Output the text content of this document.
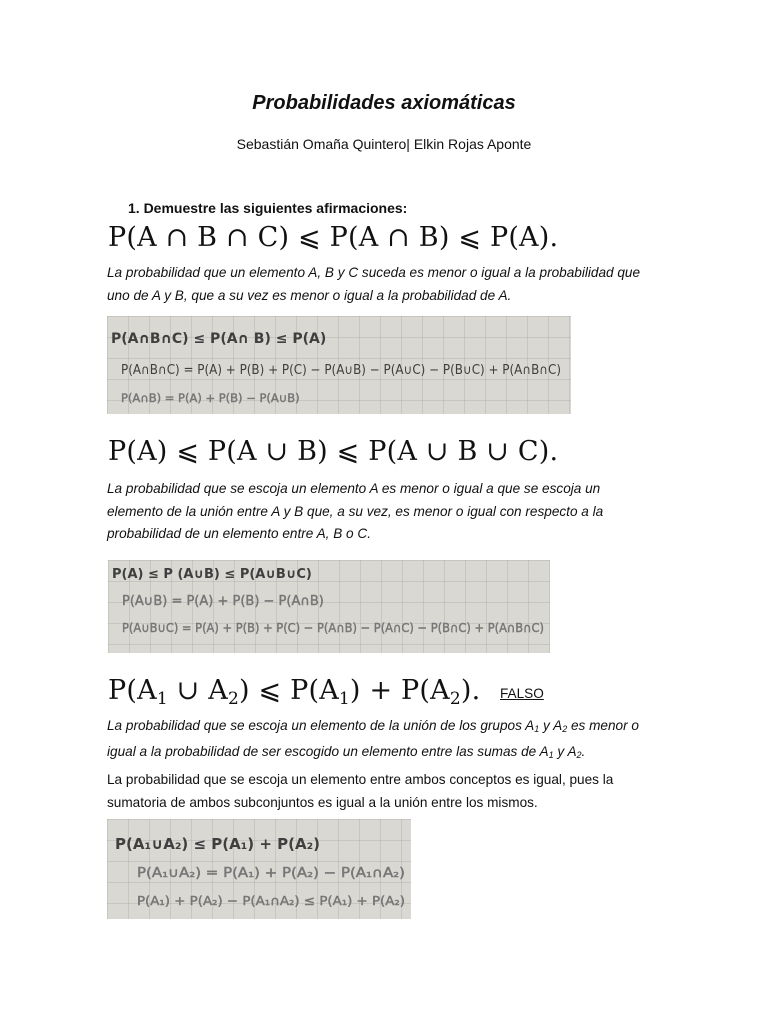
Probabilidades axiomáticas
Sebastián Omaña Quintero| Elkin Rojas Aponte
1. Demuestre las siguientes afirmaciones:
P(A ∩ B ∩ C) ⩽ P(A ∩ B) ⩽ P(A).
La probabilidad que un elemento A, B y C suceda es menor o igual a la probabilidad que uno de A y B, que a su vez es menor o igual a la probabilidad de A.
P(A∩B∩C) ≤ P(A∩ B) ≤ P(A)
P(A∩B∩C) = P(A) + P(B) + P(C) − P(A∪B) − P(A∪C) − P(B∪C) + P(A∩B∩C)
P(A∩B) = P(A) + P(B) − P(A∪B)
P(A) ⩽ P(A ∪ B) ⩽ P(A ∪ B ∪ C).
La probabilidad que se escoja un elemento A es menor o igual a que se escoja un elemento de la unión entre A y B que, a su vez, es menor o igual con respecto a la probabilidad de un elemento entre A, B o C.
P(A) ≤ P (A∪B) ≤ P(A∪B∪C)
P(A∪B) = P(A) + P(B) − P(A∩B)
P(A∪B∪C) = P(A) + P(B) + P(C) − P(A∩B) − P(A∩C) − P(B∩C) + P(A∩B∩C)
$P(A_1$ ∪ $A_2$) ⩽ $P(A_1) + P(A_2)$. FALSO
La probabilidad que se escoja un elemento de la unión de los grupos $A_1$ y $A_2$ es menor o igual a la probabilidad de ser escogido un elemento entre las sumas de $A_1$ y $A_2$.
La probabilidad que se escoja un elemento entre ambos conceptos es igual, pues la sumatoria de ambos subconjuntos es igual a la unión entre los mismos.
P(A₁∪A₂) ≤ P(A₁) + P(A₂)
P(A₁∪A₂) = P(A₁) + P(A₂) − P(A₁∩A₂)
P(A₁) + P(A₂) − P(A₁∩A₂) ≤ P(A₁) + P(A₂)
